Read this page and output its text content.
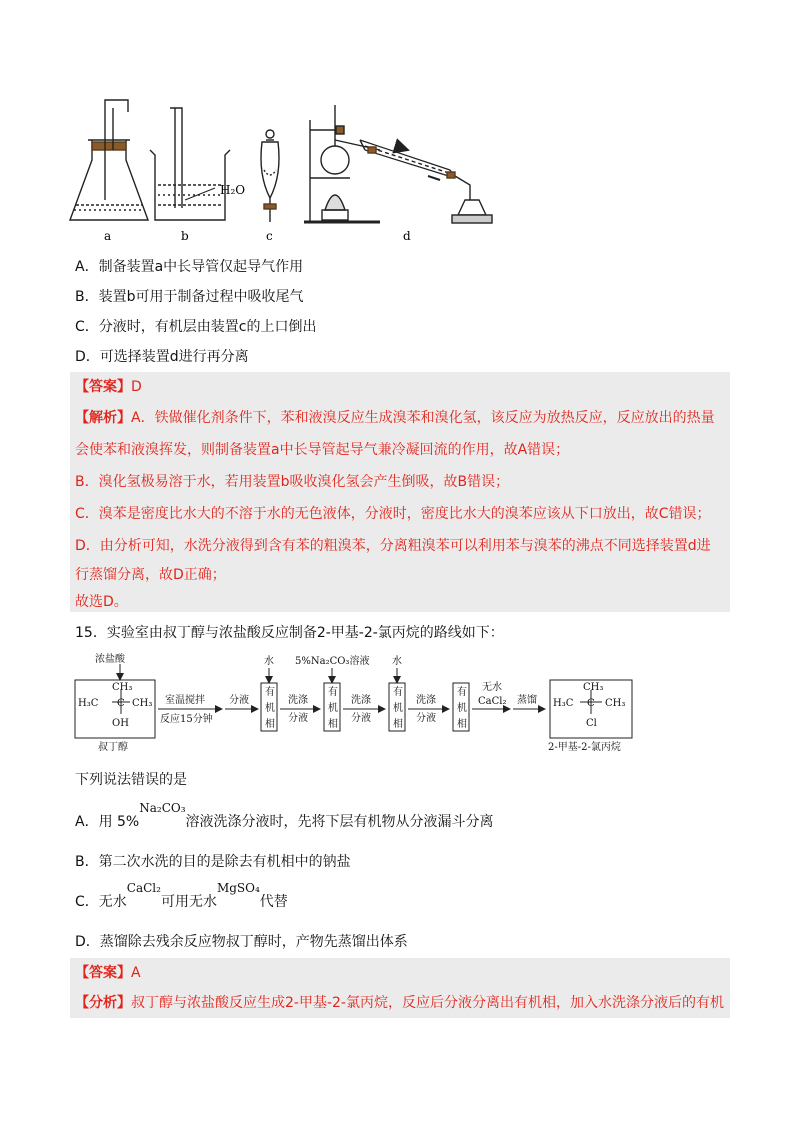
H₂O
a	b	c	d
A．制备装置a中长导管仅起导气作用
B．装置b可用于制备过程中吸收尾气
C．分液时，有机层由装置c的上口倒出
D．可选择装置d进行再分离
【答案】D
【解析】A．铁做催化剂条件下，苯和液溴反应生成溴苯和溴化氢，该反应为放热反应，反应放出的热量
会使苯和液溴挥发，则制备装置a中长导管起导气兼冷凝回流的作用，故A错误；
B．溴化氢极易溶于水，若用装置b吸收溴化氢会产生倒吸，故B错误；
C．溴苯是密度比水大的不溶于水的无色液体，分液时，密度比水大的溴苯应该从下口放出，故C错误；
D．由分析可知，水洗分液得到含有苯的粗溴苯，分离粗溴苯可以利用苯与溴苯的沸点不同选择装置d进
行蒸馏分离，故D正确；
故选D。
15．实验室由叔丁醇与浓盐酸反应制备2-甲基-2-氯丙烷的路线如下：
浓盐酸
CH₃
H₃C C CH₃
OH
叔丁醇
室温搅拌
反应15分钟
分液
水
有
机
相
洗涤
分液
5%Na₂CO₃溶液
有
机
相
洗涤
分液
水
有
机
相
洗涤
分液
有
机
相
无水
CaCl₂ 蒸馏
CH₃
H₃C C CH₃
Cl
2-甲基-2-氯丙烷
下列说法错误的是
A．用 5%Na₂CO₃溶液洗涤分液时，先将下层有机物从分液漏斗分离
B．第二次水洗的目的是除去有机相中的钠盐
C．无水CaCl₂可用无水MgSO₄代替
D．蒸馏除去残余反应物叔丁醇时，产物先蒸馏出体系
【答案】A
【分析】叔丁醇与浓盐酸反应生成2-甲基-2-氯丙烷，反应后分液分离出有机相，加入水洗涤分液后的有机
